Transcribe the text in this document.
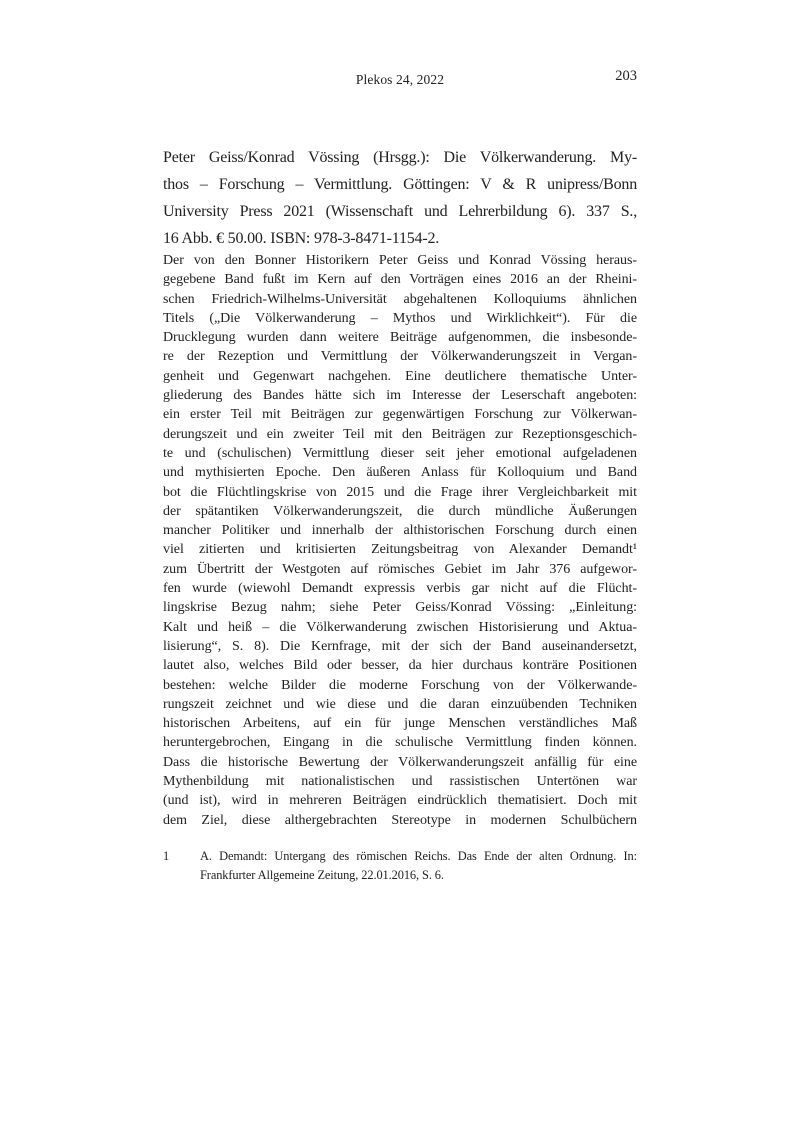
Plekos 24, 2022	203
Peter Geiss/Konrad Vössing (Hrsgg.): Die Völkerwanderung. My-
thos – Forschung – Vermittlung. Göttingen: V & R unipress/Bonn
University Press 2021 (Wissenschaft und Lehrerbildung 6). 337 S.,
16 Abb. € 50.00. ISBN: 978-3-8471-1154-2.
Der von den Bonner Historikern Peter Geiss und Konrad Vössing heraus-
gegebene Band fußt im Kern auf den Vorträgen eines 2016 an der Rheini-
schen Friedrich-Wilhelms-Universität abgehaltenen Kolloquiums ähnlichen
Titels („Die Völkerwanderung – Mythos und Wirklichkeit“). Für die
Drucklegung wurden dann weitere Beiträge aufgenommen, die insbesonde-
re der Rezeption und Vermittlung der Völkerwanderungszeit in Vergan-
genheit und Gegenwart nachgehen. Eine deutlichere thematische Unter-
gliederung des Bandes hätte sich im Interesse der Leserschaft angeboten:
ein erster Teil mit Beiträgen zur gegenwärtigen Forschung zur Völkerwan-
derungszeit und ein zweiter Teil mit den Beiträgen zur Rezeptionsgeschich-
te und (schulischen) Vermittlung dieser seit jeher emotional aufgeladenen
und mythisierten Epoche. Den äußeren Anlass für Kolloquium und Band
bot die Flüchtlingskrise von 2015 und die Frage ihrer Vergleichbarkeit mit
der spätantiken Völkerwanderungszeit, die durch mündliche Äußerungen
mancher Politiker und innerhalb der althistorischen Forschung durch einen
viel zitierten und kritisierten Zeitungsbeitrag von Alexander Demandt¹
zum Übertritt der Westgoten auf römisches Gebiet im Jahr 376 aufgewor-
fen wurde (wiewohl Demandt expressis verbis gar nicht auf die Flücht-
lingskrise Bezug nahm; siehe Peter Geiss/Konrad Vössing: „Einleitung:
Kalt und heiß – die Völkerwanderung zwischen Historisierung und Aktua-
lisierung“, S. 8). Die Kernfrage, mit der sich der Band auseinandersetzt,
lautet also, welches Bild oder besser, da hier durchaus konträre Positionen
bestehen: welche Bilder die moderne Forschung von der Völkerwande-
rungszeit zeichnet und wie diese und die daran einzuübenden Techniken
historischen Arbeitens, auf ein für junge Menschen verständliches Maß
heruntergebrochen, Eingang in die schulische Vermittlung finden können.
Dass die historische Bewertung der Völkerwanderungszeit anfällig für eine
Mythenbildung mit nationalistischen und rassistischen Untertönen war
(und ist), wird in mehreren Beiträgen eindrücklich thematisiert. Doch mit
dem Ziel, diese althergebrachten Stereotype in modernen Schulbüchern
1 A. Demandt: Untergang des römischen Reichs. Das Ende der alten Ordnung. In:
Frankfurter Allgemeine Zeitung, 22.01.2016, S. 6.
